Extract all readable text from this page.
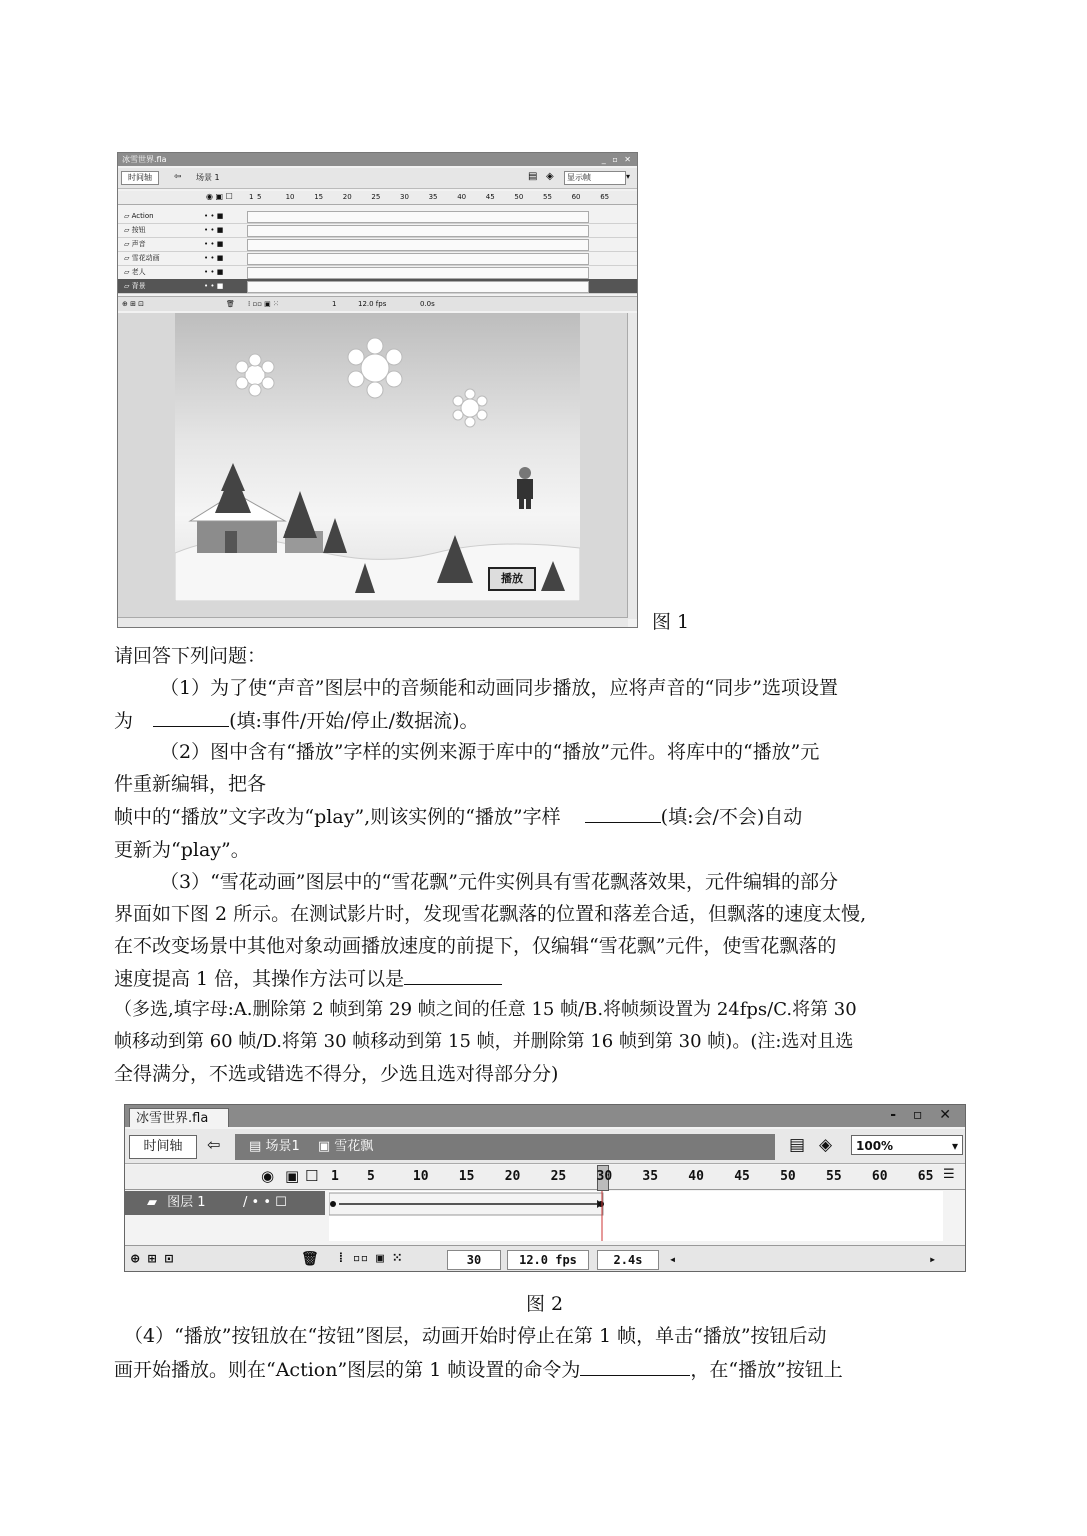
冰雪世界.fla	_ ▫ ✕
时间轴	⇦ 场景 1	▤ ◈	显示帧	▾
◉ ▣ ☐ 1 5	10	15	20	25	30	35	40	45	50	55	60	65
⊕ ⊞ ⊡	🗑 ⁞ ▫▫ ▣ ⁙	1	12.0 fps	0.0s
播放
▱ Action	• • ■
▱ 按钮	• • ■
▱ 声音	• • ■
▱ 雪花动画	• • ■
▱ 老人	• • ■
▱ 背景	• • ■
图 1
请回答下列问题：
（1）为了使“声音”图层中的音频能和动画同步播放，应将声音的“同步”选项设置
为	(填:事件/开始/停止/数据流)。
（2）图中含有“播放”字样的实例来源于库中的“播放”元件。将库中的“播放”元
件重新编辑，把各
帧中的“播放”文字改为“play”,则该实例的“播放”字样	(填:会/不会)自动
更新为“play”。
（3）“雪花动画”图层中的“雪花飘”元件实例具有雪花飘落效果，元件编辑的部分
界面如下图 2 所示。在测试影片时，发现雪花飘落的位置和落差合适，但飘落的速度太慢,
在不改变场景中其他对象动画播放速度的前提下，仅编辑“雪花飘”元件，使雪花飘落的
速度提高 1 倍，其操作方法可以是
（多选,填字母:A.删除第 2 帧到第 29 帧之间的任意 15 帧/B.将帧频设置为 24fps/C.将第 30
帧移动到第 60 帧/D.将第 30 帧移动到第 15 帧，并删除第 16 帧到第 30 帧)。(注:选对且选
全得满分，不选或错选不得分，少选且选对得部分分)
冰雪世界.fla	- ▫ ✕
时间轴	⇦	▤ 场景1 ▣ 雪花飘	▤ ◈	100%	▾
◉ ▣ ☐	☰
1 5	10 15 20 25 30 35 40 45 50 55 60 65
▰ 图层 1	/ • • ☐
⊕ ⊞ ⊡	🗑 ⁞ ▫▫ ▣ ⁙	30	12.0 fps	2.4s	◂	▸
图 2
（4）“播放”按钮放在“按钮”图层，动画开始时停止在第 1 帧，单击“播放”按钮后动
画开始播放。则在“Action”图层的第 1 帧设置的命令为	，在“播放”按钮上
